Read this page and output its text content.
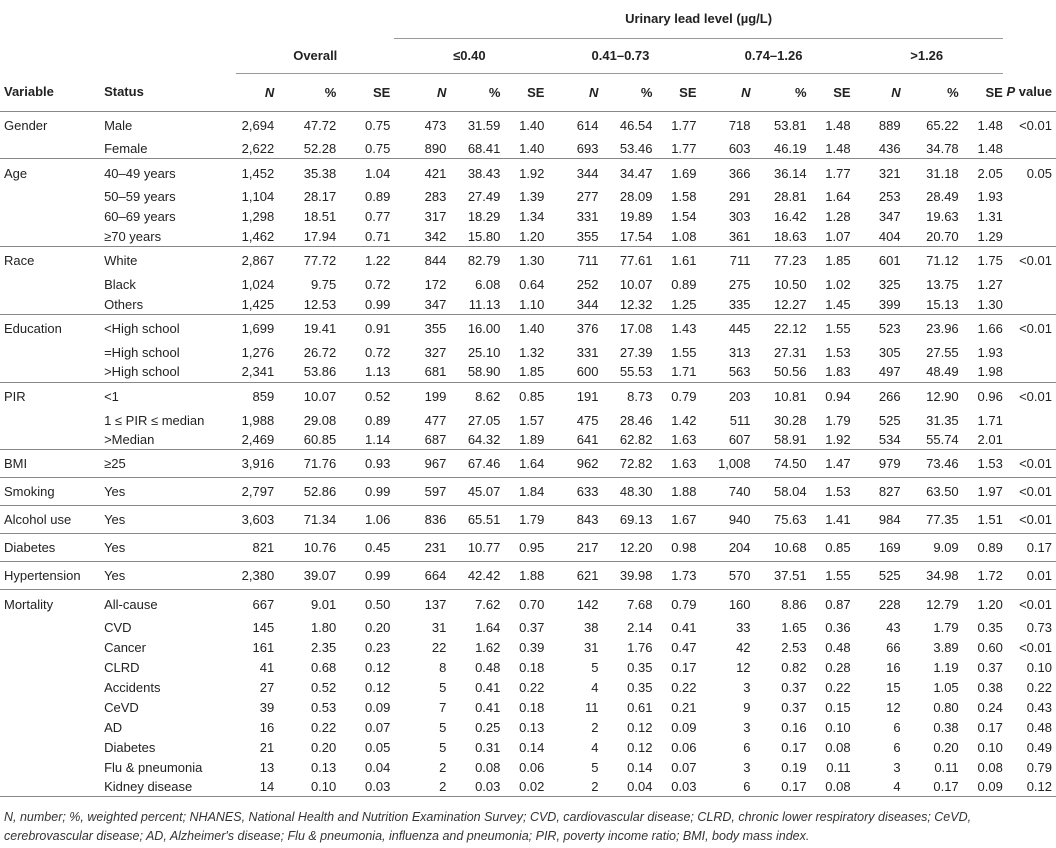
					Urinary lead level (µg/L)												
		Overall			≤0.40			0.41–0.73			0.74–1.26			>1.26			
Variable	Status	N	%	SE	N	%	SE	N	%	SE	N	%	SE	N	%	SE	P value
Gender	Male	2,694	47.72	0.75	473	31.59	1.40	614	46.54	1.77	718	53.81	1.48	889	65.22	1.48	<0.01
	Female	2,622	52.28	0.75	890	68.41	1.40	693	53.46	1.77	603	46.19	1.48	436	34.78	1.48	
Age	40–49 years	1,452	35.38	1.04	421	38.43	1.92	344	34.47	1.69	366	36.14	1.77	321	31.18	2.05	0.05
	50–59 years	1,104	28.17	0.89	283	27.49	1.39	277	28.09	1.58	291	28.81	1.64	253	28.49	1.93	
	60–69 years	1,298	18.51	0.77	317	18.29	1.34	331	19.89	1.54	303	16.42	1.28	347	19.63	1.31	
	≥70 years	1,462	17.94	0.71	342	15.80	1.20	355	17.54	1.08	361	18.63	1.07	404	20.70	1.29	
Race	White	2,867	77.72	1.22	844	82.79	1.30	711	77.61	1.61	711	77.23	1.85	601	71.12	1.75	<0.01
	Black	1,024	9.75	0.72	172	6.08	0.64	252	10.07	0.89	275	10.50	1.02	325	13.75	1.27	
	Others	1,425	12.53	0.99	347	11.13	1.10	344	12.32	1.25	335	12.27	1.45	399	15.13	1.30	
Education	<High school	1,699	19.41	0.91	355	16.00	1.40	376	17.08	1.43	445	22.12	1.55	523	23.96	1.66	<0.01
	=High school	1,276	26.72	0.72	327	25.10	1.32	331	27.39	1.55	313	27.31	1.53	305	27.55	1.93	
	>High school	2,341	53.86	1.13	681	58.90	1.85	600	55.53	1.71	563	50.56	1.83	497	48.49	1.98	
PIR	<1	859	10.07	0.52	199	8.62	0.85	191	8.73	0.79	203	10.81	0.94	266	12.90	0.96	<0.01
	1 ≤ PIR ≤ median	1,988	29.08	0.89	477	27.05	1.57	475	28.46	1.42	511	30.28	1.79	525	31.35	1.71	
	>Median	2,469	60.85	1.14	687	64.32	1.89	641	62.82	1.63	607	58.91	1.92	534	55.74	2.01	
BMI	≥25	3,916	71.76	0.93	967	67.46	1.64	962	72.82	1.63	1,008	74.50	1.47	979	73.46	1.53	<0.01
Smoking	Yes	2,797	52.86	0.99	597	45.07	1.84	633	48.30	1.88	740	58.04	1.53	827	63.50	1.97	<0.01
Alcohol use	Yes	3,603	71.34	1.06	836	65.51	1.79	843	69.13	1.67	940	75.63	1.41	984	77.35	1.51	<0.01
Diabetes	Yes	821	10.76	0.45	231	10.77	0.95	217	12.20	0.98	204	10.68	0.85	169	9.09	0.89	0.17
Hypertension	Yes	2,380	39.07	0.99	664	42.42	1.88	621	39.98	1.73	570	37.51	1.55	525	34.98	1.72	0.01
Mortality	All-cause	667	9.01	0.50	137	7.62	0.70	142	7.68	0.79	160	8.86	0.87	228	12.79	1.20	<0.01
	CVD	145	1.80	0.20	31	1.64	0.37	38	2.14	0.41	33	1.65	0.36	43	1.79	0.35	0.73
	Cancer	161	2.35	0.23	22	1.62	0.39	31	1.76	0.47	42	2.53	0.48	66	3.89	0.60	<0.01
	CLRD	41	0.68	0.12	8	0.48	0.18	5	0.35	0.17	12	0.82	0.28	16	1.19	0.37	0.10
	Accidents	27	0.52	0.12	5	0.41	0.22	4	0.35	0.22	3	0.37	0.22	15	1.05	0.38	0.22
	CeVD	39	0.53	0.09	7	0.41	0.18	11	0.61	0.21	9	0.37	0.15	12	0.80	0.24	0.43
	AD	16	0.22	0.07	5	0.25	0.13	2	0.12	0.09	3	0.16	0.10	6	0.38	0.17	0.48
	Diabetes	21	0.20	0.05	5	0.31	0.14	4	0.12	0.06	6	0.17	0.08	6	0.20	0.10	0.49
	Flu & pneumonia	13	0.13	0.04	2	0.08	0.06	5	0.14	0.07	3	0.19	0.11	3	0.11	0.08	0.79
	Kidney disease	14	0.10	0.03	2	0.03	0.02	2	0.04	0.03	6	0.17	0.08	4	0.17	0.09	0.12
N, number; %, weighted percent; NHANES, National Health and Nutrition Examination Survey; CVD, cardiovascular disease; CLRD, chronic lower respiratory diseases; CeVD, cerebrovascular disease; AD, Alzheimer's disease; Flu & pneumonia, influenza and pneumonia; PIR, poverty income ratio; BMI, body mass index.
